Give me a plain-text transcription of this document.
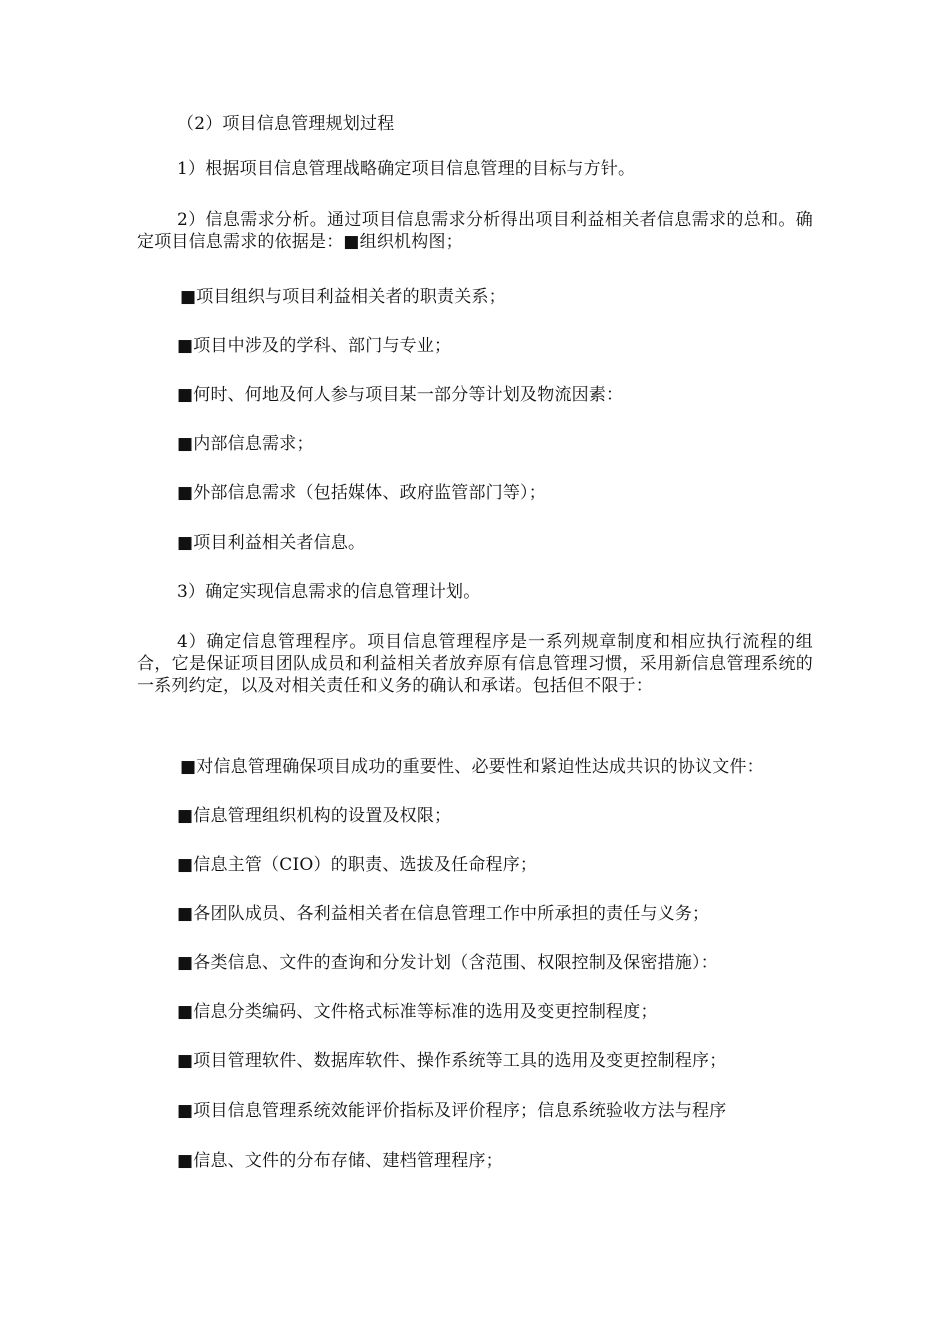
（2）项目信息管理规划过程

1）根据项目信息管理战略确定项目信息管理的目标与方针。

2）信息需求分析。通过项目信息需求分析得出项目利益相关者信息需求的总和。确定项目信息需求的依据是：■组织机构图；

■项目组织与项目利益相关者的职责关系；

■项目中涉及的学科、部门与专业；

■何时、何地及何人参与项目某一部分等计划及物流因素：

■内部信息需求；

■外部信息需求（包括媒体、政府监管部门等）；

■项目利益相关者信息。

3）确定实现信息需求的信息管理计划。

4）确定信息管理程序。项目信息管理程序是一系列规章制度和相应执行流程的组合，它是保证项目团队成员和利益相关者放弃原有信息管理习惯，采用新信息管理系统的一系列约定，以及对相关责任和义务的确认和承诺。包括但不限于：

■对信息管理确保项目成功的重要性、必要性和紧迫性达成共识的协议文件：

■信息管理组织机构的设置及权限；

■信息主管（CIO）的职责、选拔及任命程序；

■各团队成员、各利益相关者在信息管理工作中所承担的责任与义务；

■各类信息、文件的查询和分发计划（含范围、权限控制及保密措施）：

■信息分类编码、文件格式标准等标准的选用及变更控制程度；

■项目管理软件、数据库软件、操作系统等工具的选用及变更控制程序；

■项目信息管理系统效能评价指标及评价程序；信息系统验收方法与程序

■信息、文件的分布存储、建档管理程序；
